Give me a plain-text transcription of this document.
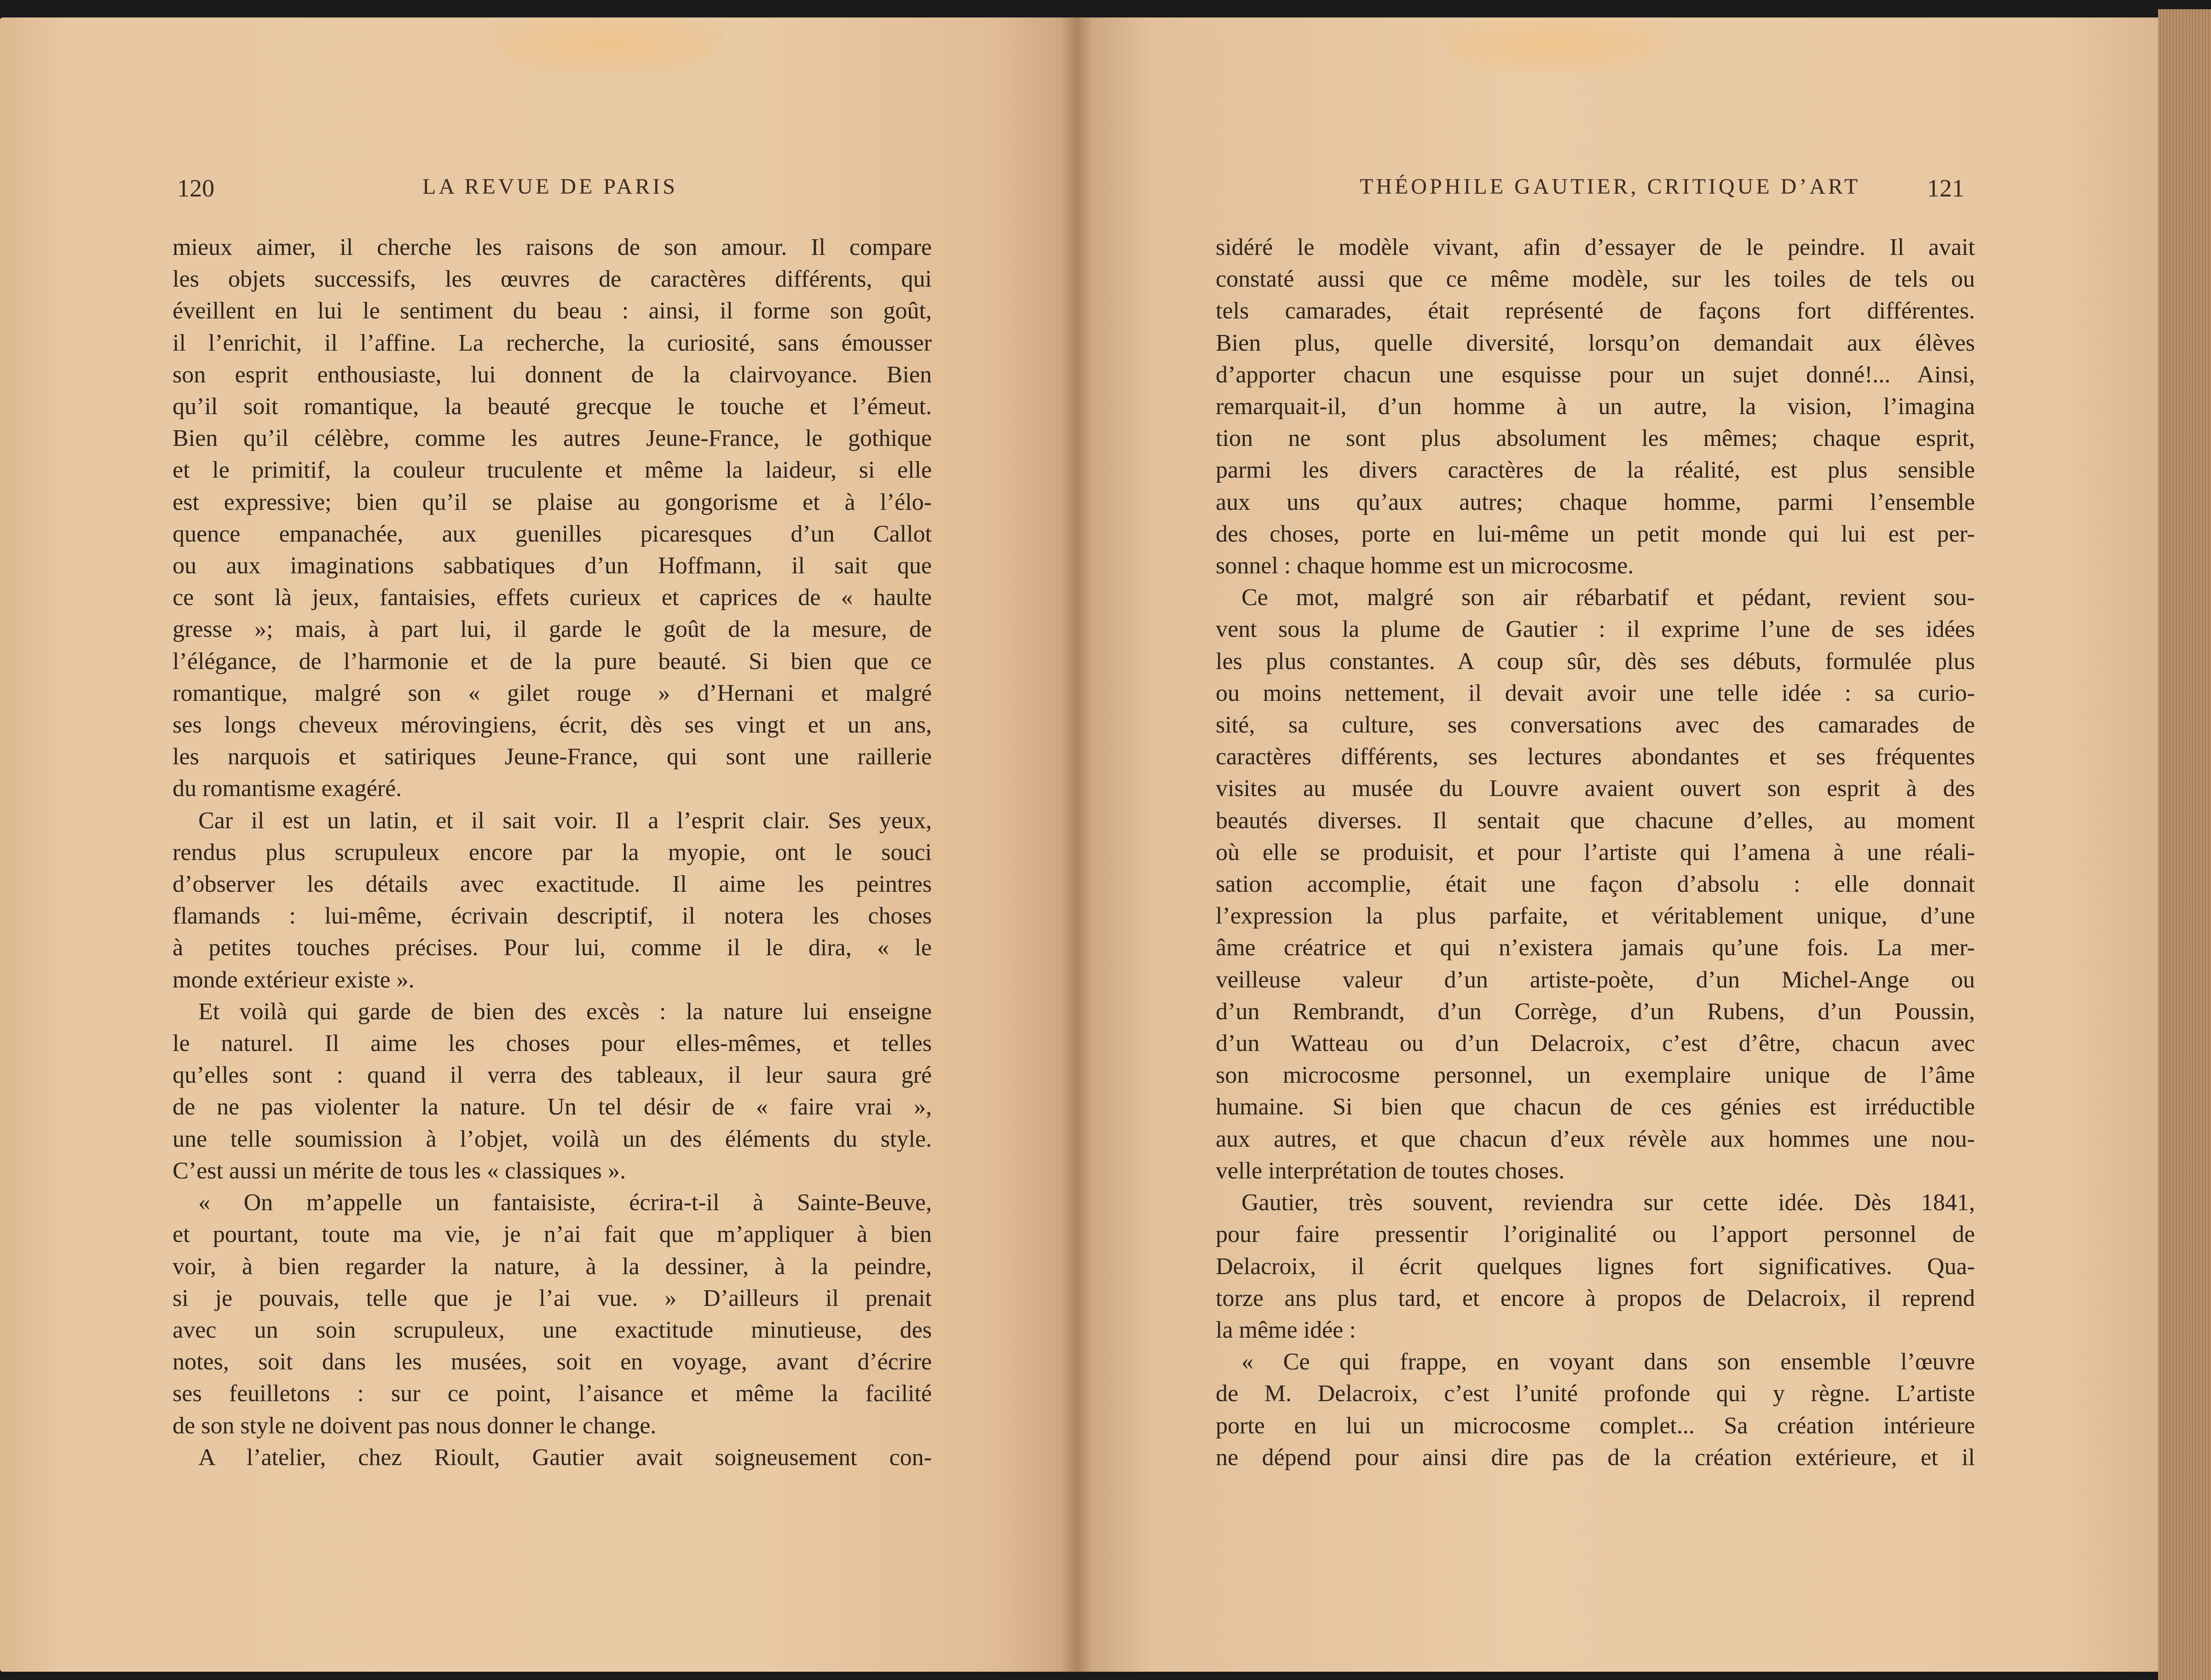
120	LA REVUE DE PARIS
mieux aimer, il cherche les raisons de son amour. Il compare
les objets successifs, les œuvres de caractères différents, qui
éveillent en lui le sentiment du beau : ainsi, il forme son goût,
il l’enrichit, il l’affine. La recherche, la curiosité, sans émousser
son esprit enthousiaste, lui donnent de la clairvoyance. Bien
qu’il soit romantique, la beauté grecque le touche et l’émeut.
Bien qu’il célèbre, comme les autres Jeune-France, le gothique
et le primitif, la couleur truculente et même la laideur, si elle
est expressive; bien qu’il se plaise au gongorisme et à l’élo-
quence empanachée, aux guenilles picaresques d’un Callot
ou aux imaginations sabbatiques d’un Hoffmann, il sait que
ce sont là jeux, fantaisies, effets curieux et caprices de « haulte
gresse »; mais, à part lui, il garde le goût de la mesure, de
l’élégance, de l’harmonie et de la pure beauté. Si bien que ce
romantique, malgré son « gilet rouge » d’Hernani et malgré
ses longs cheveux mérovingiens, écrit, dès ses vingt et un ans,
les narquois et satiriques Jeune-France, qui sont une raillerie
du romantisme exagéré.
Car il est un latin, et il sait voir. Il a l’esprit clair. Ses yeux,
rendus plus scrupuleux encore par la myopie, ont le souci
d’observer les détails avec exactitude. Il aime les peintres
flamands : lui-même, écrivain descriptif, il notera les choses
à petites touches précises. Pour lui, comme il le dira, « le
monde extérieur existe ».
Et voilà qui garde de bien des excès : la nature lui enseigne
le naturel. Il aime les choses pour elles-mêmes, et telles
qu’elles sont : quand il verra des tableaux, il leur saura gré
de ne pas violenter la nature. Un tel désir de « faire vrai »,
une telle soumission à l’objet, voilà un des éléments du style.
C’est aussi un mérite de tous les « classiques ».
« On m’appelle un fantaisiste, écrira-t-il à Sainte-Beuve,
et pourtant, toute ma vie, je n’ai fait que m’appliquer à bien
voir, à bien regarder la nature, à la dessiner, à la peindre,
si je pouvais, telle que je l’ai vue. » D’ailleurs il prenait
avec un soin scrupuleux, une exactitude minutieuse, des
notes, soit dans les musées, soit en voyage, avant d’écrire
ses feuilletons : sur ce point, l’aisance et même la facilité
de son style ne doivent pas nous donner le change.
A l’atelier, chez Rioult, Gautier avait soigneusement con-
THÉOPHILE GAUTIER, CRITIQUE D’ART	121
sidéré le modèle vivant, afin d’essayer de le peindre. Il avait
constaté aussi que ce même modèle, sur les toiles de tels ou
tels camarades, était représenté de façons fort différentes.
Bien plus, quelle diversité, lorsqu’on demandait aux élèves
d’apporter chacun une esquisse pour un sujet donné!... Ainsi,
remarquait-il, d’un homme à un autre, la vision, l’imagina
tion ne sont plus absolument les mêmes; chaque esprit,
parmi les divers caractères de la réalité, est plus sensible
aux uns qu’aux autres; chaque homme, parmi l’ensemble
des choses, porte en lui-même un petit monde qui lui est per-
sonnel : chaque homme est un microcosme.
Ce mot, malgré son air rébarbatif et pédant, revient sou-
vent sous la plume de Gautier : il exprime l’une de ses idées
les plus constantes. A coup sûr, dès ses débuts, formulée plus
ou moins nettement, il devait avoir une telle idée : sa curio-
sité, sa culture, ses conversations avec des camarades de
caractères différents, ses lectures abondantes et ses fréquentes
visites au musée du Louvre avaient ouvert son esprit à des
beautés diverses. Il sentait que chacune d’elles, au moment
où elle se produisit, et pour l’artiste qui l’amena à une réali-
sation accomplie, était une façon d’absolu : elle donnait
l’expression la plus parfaite, et véritablement unique, d’une
âme créatrice et qui n’existera jamais qu’une fois. La mer-
veilleuse valeur d’un artiste-poète, d’un Michel-Ange ou
d’un Rembrandt, d’un Corrège, d’un Rubens, d’un Poussin,
d’un Watteau ou d’un Delacroix, c’est d’être, chacun avec
son microcosme personnel, un exemplaire unique de l’âme
humaine. Si bien que chacun de ces génies est irréductible
aux autres, et que chacun d’eux révèle aux hommes une nou-
velle interprétation de toutes choses.
Gautier, très souvent, reviendra sur cette idée. Dès 1841,
pour faire pressentir l’originalité ou l’apport personnel de
Delacroix, il écrit quelques lignes fort significatives. Qua-
torze ans plus tard, et encore à propos de Delacroix, il reprend
la même idée :
« Ce qui frappe, en voyant dans son ensemble l’œuvre
de M. Delacroix, c’est l’unité profonde qui y règne. L’artiste
porte en lui un microcosme complet... Sa création intérieure
ne dépend pour ainsi dire pas de la création extérieure, et il
